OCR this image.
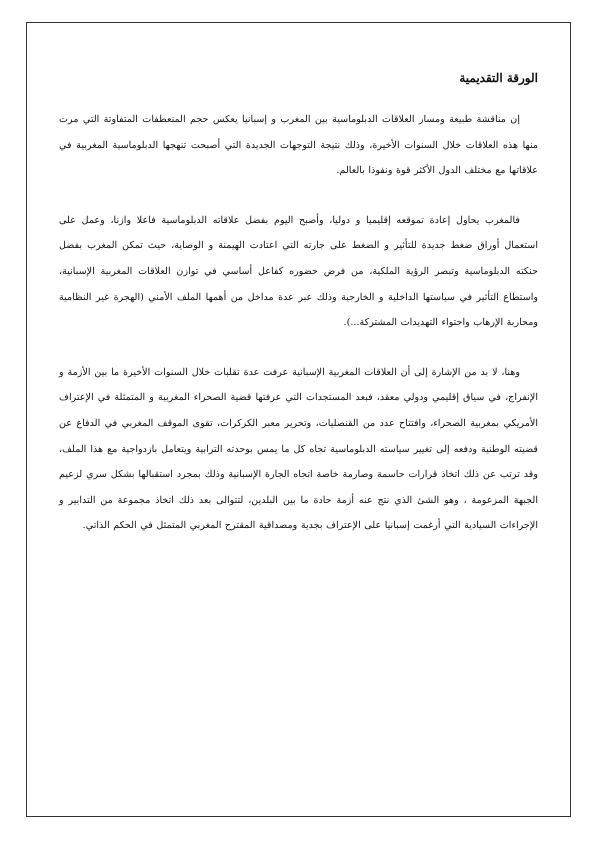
الورقة التقديمية

إن مناقشة طبيعة ومسار العلاقات الدبلوماسية بين المغرب و إسبانيا يعكس حجم المنعطفات المتفاوتة التي مرت منها هذه العلاقات خلال السنوات الأخيرة، وذلك نتيجة التوجهات الجديدة التي أصبحت تنهجها الدبلوماسية المغربية في علاقاتها مع مختلف الدول الأكثر قوة ونفوذا بالعالم.

فالمغرب يحاول إعادة تموقعه إقليميا و دوليا، وأصبح اليوم بفضل علاقاته الدبلوماسية فاعلا وازنا، وعمل على استعمال أوراق ضغط جديدة للتأثير و الضغط على جارته التي اعتادت الهيمنة و الوصاية، حيث تمكن المغرب بفضل حنكته الدبلوماسية وتبصر الرؤية الملكية، من فرض حضوره كفاعل أساسي في توازن العلاقات المغربية الإسبانية، واستطاع التأثير في سياستها الداخلية و الخارجية وذلك عبر عدة مداخل من أهمها الملف الأمني (الهجرة غير النظامية ومحاربة الإرهاب واحتواء التهديدات المشتركة...).

وهنا، لا بد من الإشارة إلى أن العلاقات المغربية الإسبانية عرفت عدة تقلبات خلال السنوات الأخيرة ما بين الأزمة و الإنفراج، في سياق إقليمي ودولي معقد، فبعد المستجدات التي عرفتها قضية الصحراء المغربية و المتمثلة في الإعتراف الأمريكي بمغربية الصحراء، وافتتاح عدد من القنصليات، وتحرير معبر الكركرات، تقوى الموقف المغربي في الدفاع عن قضيته الوطنية ودفعه إلى تغيير سياسته الدبلوماسية تجاه كل ما يمس بوحدته الترابية ويتعامل بازدواجية مع هذا الملف، وقد ترتب عن ذلك اتخاذ قرارات حاسمة وصارمة خاصة اتجاه الجارة الإسبانية وذلك بمجرد استقبالها بشكل سري لزعيم الجبهة المزعومة ، وهو الشئ الذي نتج عنه أزمة حادة ما بين البلدين، لتتوالى بعد ذلك اتخاذ مجموعة من التدابير و الإجراءات السيادية التي أرغمت إسبانيا على الإعتراف بجدية ومصداقية المقترح المغربي المتمثل في الحكم الذاتي.
